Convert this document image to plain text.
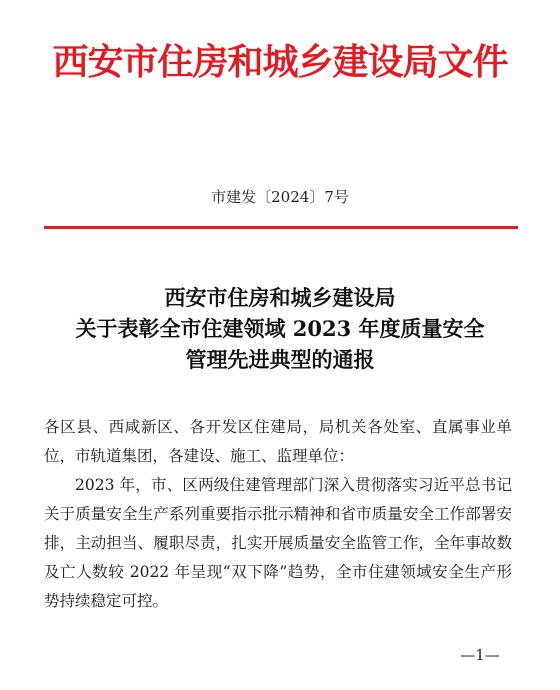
西安市住房和城乡建设局文件
市建发〔2024〕7号
西安市住房和城乡建设局
关于表彰全市住建领域 2023 年度质量安全
管理先进典型的通报

各区县、西咸新区、各开发区住建局，局机关各处室、直属事业单位，市轨道集团，各建设、施工、监理单位：

2023 年，市、区两级住建管理部门深入贯彻落实习近平总书记关于质量安全生产系列重要指示批示精神和省市质量安全工作部署安排，主动担当、履职尽责，扎实开展质量安全监管工作，全年事故数及亡人数较 2022 年呈现“双下降”趋势，全市住建领域安全生产形势持续稳定可控。

—1—
